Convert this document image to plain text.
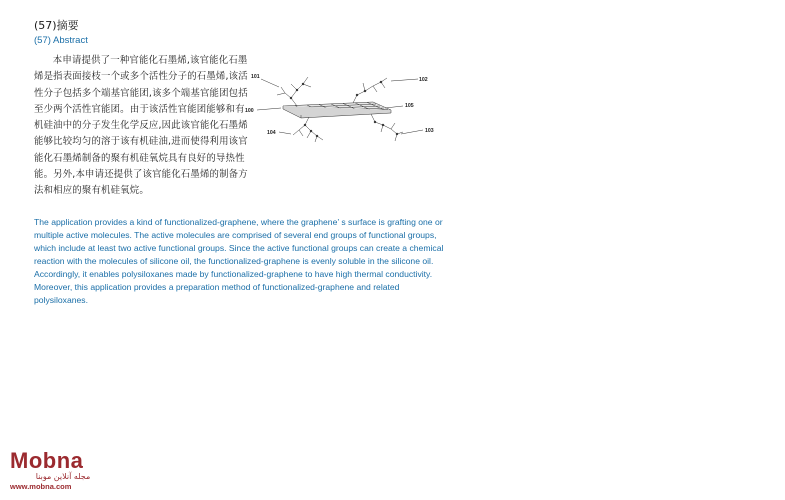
(57)摘要
(57) Abstract
本申请提供了一种官能化石墨烯,该官能化石墨烯是指表面接枝一个或多个活性分子的石墨烯,该活性分子包括多个端基官能团,该多个端基官能团包括至少两个活性官能团。由于该活性官能团能够和有机硅油中的分子发生化学反应,因此该官能化石墨烯能够比较均匀的溶于该有机硅油,进而使得利用该官能化石墨烯制备的聚有机硅氧烷具有良好的导热性能。另外,本申请还提供了该官能化石墨烯的制备方法和相应的聚有机硅氧烷。
101	102
100
105
104	103
The application provides a kind of functionalized-graphene, where the graphene’ s surface is grafting one or multiple active molecules. The active molecules are comprised of several end groups of functional groups, which include at least two active functional groups. Since the active functional groups can create a chemical reaction with the molecules of silicone oil, the functionalized-graphene is evenly soluble in the silicone oil. Accordingly, it enables polysiloxanes made by functionalized-graphene to have high thermal conductivity. Moreover, this application provides a preparation method of functionalized-graphene and related polysiloxanes.
Mobna
مجله آنلاین موبنا
www.mobna.com
